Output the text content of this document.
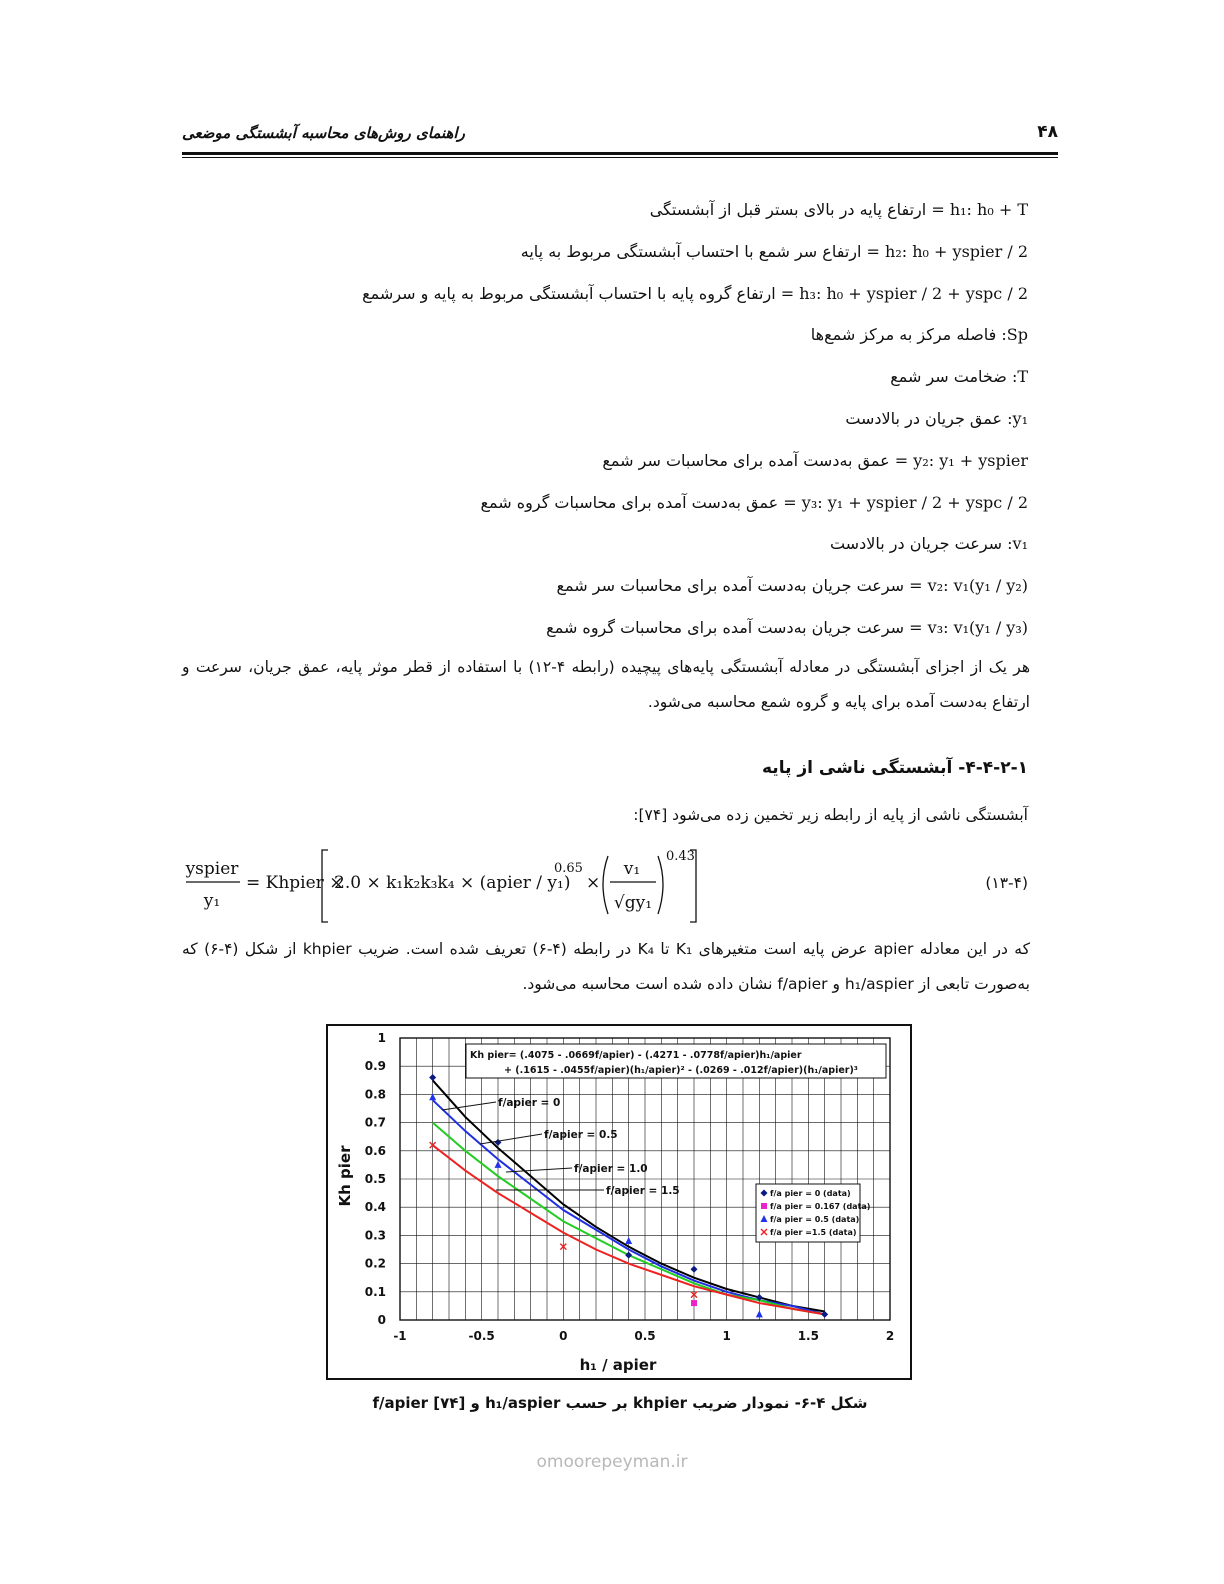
راهنمای روش‌های محاسبه آبشستگی موضعی	۴۸
h₁: h₀ + T = ارتفاع پایه در بالای بستر قبل از آبشستگی
h₂: h₀ + yspier / 2 = ارتفاع سر شمع با احتساب آبشستگی مربوط به پایه
h₃: h₀ + yspier / 2 + yspc / 2 = ارتفاع گروه پایه با احتساب آبشستگی مربوط به پایه و سرشمع
Sp: فاصله مرکز به مرکز شمع‌ها
T: ضخامت سر شمع
y₁: عمق جریان در بالادست
y₂: y₁ + yspier = عمق به‌دست آمده برای محاسبات سر شمع
y₃: y₁ + yspier / 2 + yspc / 2 = عمق به‌دست آمده برای محاسبات گروه شمع
v₁: سرعت جریان در بالادست
v₂: v₁(y₁ / y₂) = سرعت جریان به‌دست آمده برای محاسبات سر شمع
v₃: v₁(y₁ / y₃) = سرعت جریان به‌دست آمده برای محاسبات گروه شمع
هر یک از اجزای آبشستگی در معادله آبشستگی پایه‌های پیچیده (رابطه ۴-۱۲) با استفاده از قطر موثر پایه، عمق جریان، سرعت و ارتفاع به‌دست آمده برای پایه و گروه شمع محاسبه می‌شود.
۴-۴-۲-۱- آبشستگی ناشی از پایه
آبشستگی ناشی از پایه از رابطه زیر تخمین زده می‌شود [۷۴]:
yspier
y₁
= Khpier ×
2.0 × k₁k₂k₃k₄ × (apier / y₁)
0.65
×
v₁
√gy₁
0.43
(۱۳-۴)
که در این معادله apier عرض پایه است متغیرهای K₁ تا K₄ در رابطه (۴-۶) تعریف شده است. ضریب khpier از شکل (۴-۶) که به‌صورت تابعی از h₁/aspier و f/apier نشان داده شده است محاسبه می‌شود.
-1	-0.5	0	0.5	1	1.5	2
0
0.1
0.2
0.3
0.4
0.5
0.6
0.7
0.8
0.9
1
h₁ / apier
Kh pier
Kh pier= (.4075 - .0669f/apier) - (.4271 - .0778f/apier)h₁/apier
+ (.1615 - .0455f/apier)(h₁/apier)² - (.0269 - .012f/apier)(h₁/apier)³
f/apier = 0
f/apier = 0.5
f/apier = 1.0
f/apier = 1.5	f/a pier = 0 (data)
f/a pier = 0.167 (data)
f/a pier = 0.5 (data)
f/a pier =1.5 (data)
شکل ۴-۶- نمودار ضریب khpier بر حسب h₁/aspier و f/apier [۷۴]
omoorepeyman.ir
